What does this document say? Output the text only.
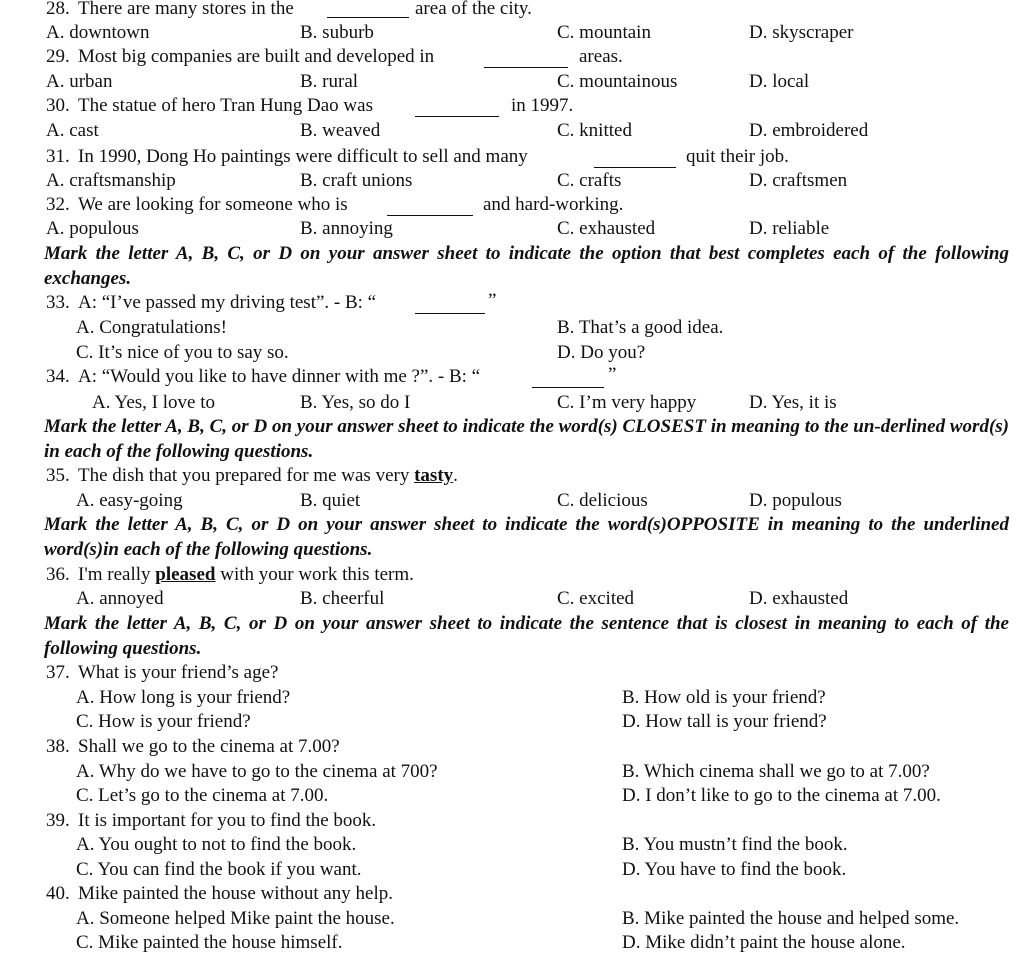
28. There are many stores in the	area of the city.
A. downtown	B. suburb	C. mountain	D. skyscraper
29. Most big companies are built and developed in	areas.
A. urban	B. rural	C. mountainous	D. local
30. The statue of hero Tran Hung Dao was	in 1997.
A. cast	B. weaved	C. knitted	D. embroidered
31. In 1990, Dong Ho paintings were difficult to sell and many	quit their job.
A. craftsmanship	B. craft unions	C. crafts	D. craftsmen
32. We are looking for someone who is	and hard-working.
A. populous	B. annoying	C. exhausted	D. reliable
Mark the letter A, B, C, or D on your answer sheet to indicate the option that best completes each of the following exchanges.
33. A: “I’ve passed my driving test”. - B: “	”
A. Congratulations!	B. That’s a good idea.
C. It’s nice of you to say so.	D. Do you?
34. A: “Would you like to have dinner with me ?”. - B: “	”
A. Yes, I love to	B. Yes, so do I	C. I’m very happy	D. Yes, it is
Mark the letter A, B, C, or D on your answer sheet to indicate the word(s) CLOSEST in meaning to the un-derlined word(s) in each of the following questions.
35. The dish that you prepared for me was very tasty.
A. easy-going	B. quiet	C. delicious	D. populous
Mark the letter A, B, C, or D on your answer sheet to indicate the word(s)OPPOSITE in meaning to the underlined word(s)in each of the following questions.
36. I'm really pleased with your work this term.
A. annoyed	B. cheerful	C. excited	D. exhausted
Mark the letter A, B, C, or D on your answer sheet to indicate the sentence that is closest in meaning to each of the following questions.
37. What is your friend’s age?
A. How long is your friend?	B. How old is your friend?
C. How is your friend?	D. How tall is your friend?
38. Shall we go to the cinema at 7.00?
A. Why do we have to go to the cinema at 700?	B. Which cinema shall we go to at 7.00?
C. Let’s go to the cinema at 7.00.	D. I don’t like to go to the cinema at 7.00.
39. It is important for you to find the book.
A. You ought to not to find the book.	B. You mustn’t find the book.
C. You can find the book if you want.	D. You have to find the book.
40. Mike painted the house without any help.
A. Someone helped Mike paint the house.	B. Mike painted the house and helped some.
C. Mike painted the house himself.	D. Mike didn’t paint the house alone.
